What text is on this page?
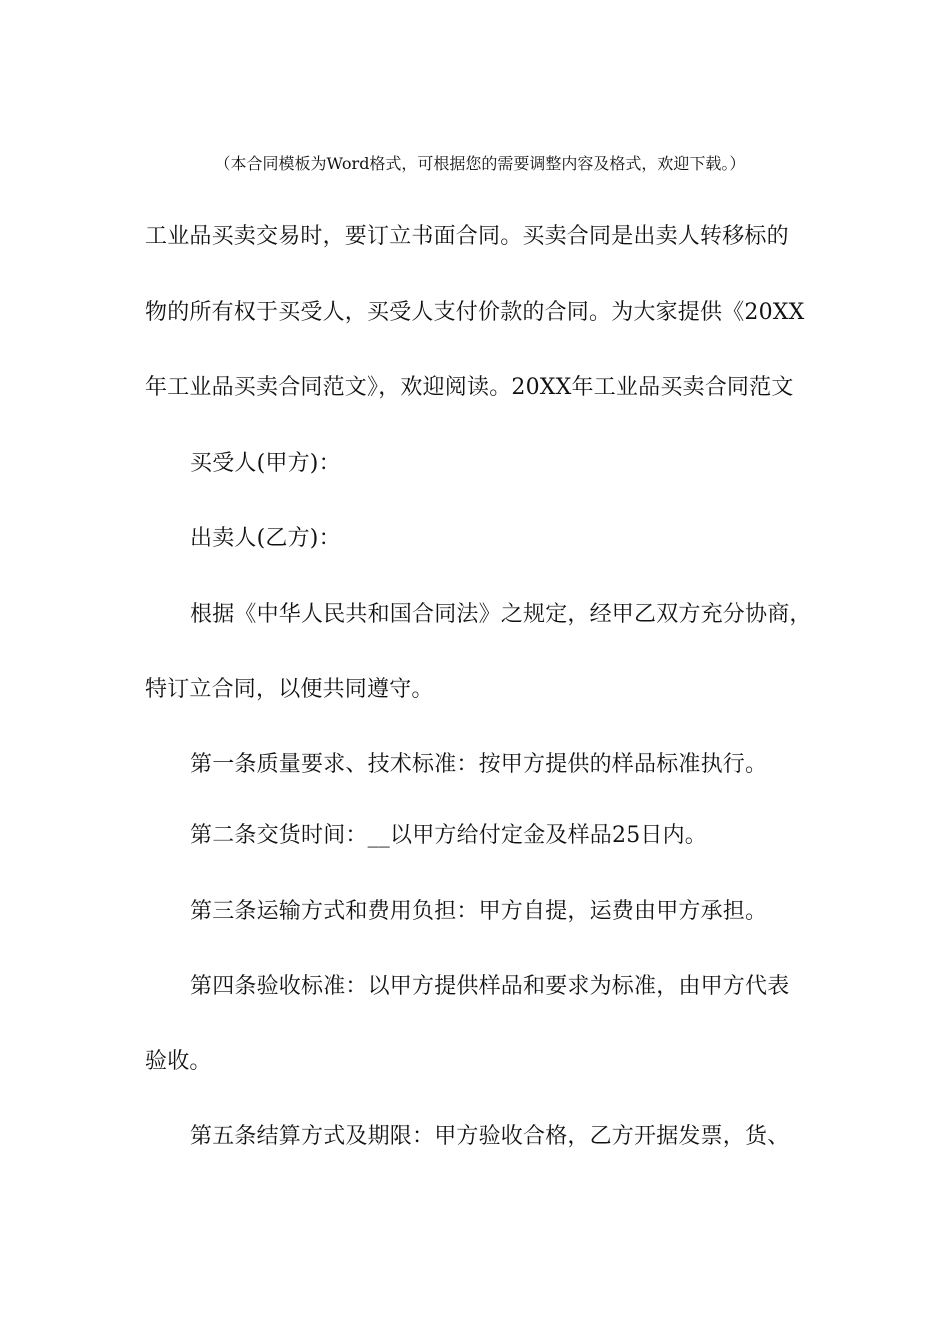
（本合同模板为Word格式，可根据您的需要调整内容及格式，欢迎下载。）
工业品买卖交易时，要订立书面合同。买卖合同是出卖人转移标的
物的所有权于买受人，买受人支付价款的合同。为大家提供《20XX
年工业品买卖合同范文》，欢迎阅读。20XX年工业品买卖合同范文
买受人(甲方)：
出卖人(乙方)：
根据《中华人民共和国合同法》之规定，经甲乙双方充分协商，
特订立合同，以便共同遵守。
第一条质量要求、技术标准：按甲方提供的样品标准执行。
第二条交货时间：__以甲方给付定金及样品25日内。
第三条运输方式和费用负担：甲方自提，运费由甲方承担。
第四条验收标准：以甲方提供样品和要求为标准，由甲方代表
验收。
第五条结算方式及期限：甲方验收合格，乙方开据发票，货、
